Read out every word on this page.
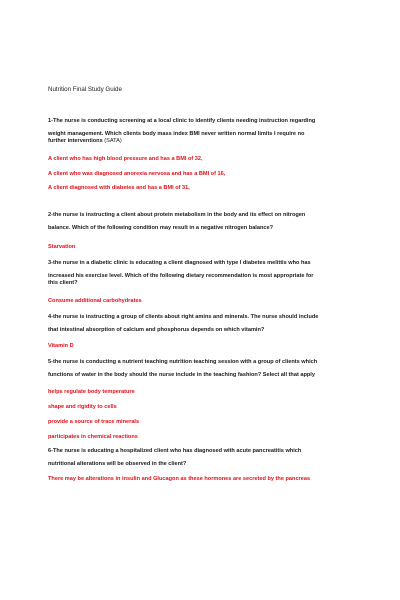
Nutrition Final Study Guide
1-The nurse is conducting screening at a local clinic to identify clients needing instruction regarding
weight management. Which clients body mass index BMI never written normal limits I require no
further interventions (SATA)
A client who has high blood pressure and has a BMI of 32,
A client who was diagnosed anorexia nervosa and has a BMI of 16,
A client diagnosed with diabetes and has a BMI of 31,
2-the nurse is instructing a client about protein metabolism in the body and its effect on nitrogen
balance. Which of the following condition may result in a negative nitrogen balance?
Starvation
3-the nurse in a diabetic clinic is educating a client diagnosed with type I diabetes melittis who has
increased his exercise level. Which of the following dietary recommendation is most appropriate for
this client?
Consume additional carbohydrates
4-the nurse is instructing a group of clients about right amins and minerals. The nurse should include
that intestinal absorption of calcium and phosphorus depends on which vitamin?
Vitamin D
5-the nurse is conducting a nutrient teaching nutrition teaching session with a group of clients which
functions of water in the body should the nurse include in the teaching fashion? Select all that apply
helps regulate body temperature
shape and rigidity to cells
provide a source of trace minerals
participates in chemical reactions
6-The nurse is educating a hospitalized client who has diagnosed with acute pancreatitis which
nutritional alterations will be observed in the client?
There may be alterations in insulin and Glucagon as these hormones are secreted by the pancreas
